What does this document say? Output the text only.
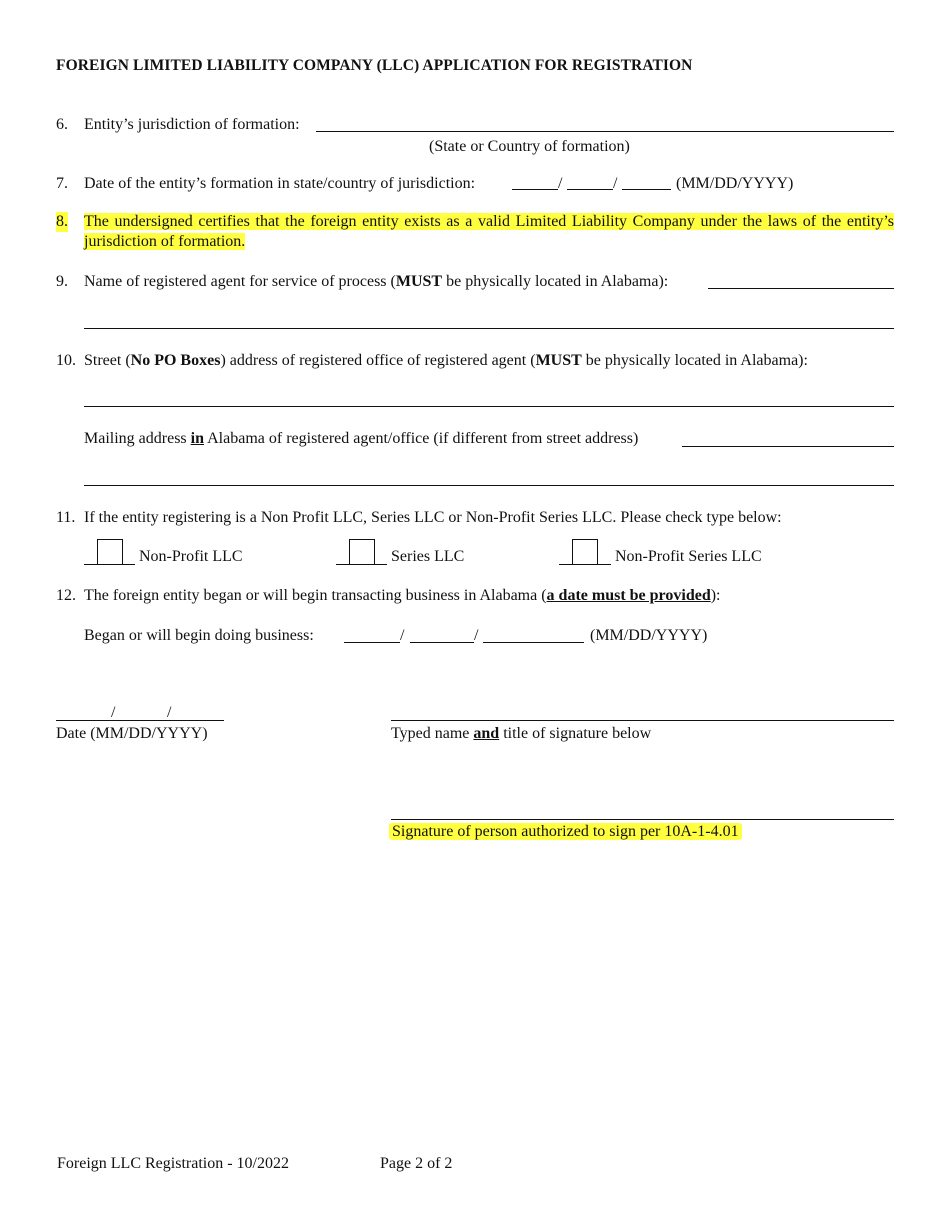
FOREIGN LIMITED LIABILITY COMPANY (LLC) APPLICATION FOR REGISTRATION
6. Entity’s jurisdiction of formation:
(State or Country of formation)
7. Date of the entity’s formation in state/country of jurisdiction:	/	/	(MM/DD/YYYY)
8. The undersigned certifies that the foreign entity exists as a valid Limited Liability Company under the laws of the entity’s jurisdiction of formation.
9. Name of registered agent for service of process (MUST be physically located in Alabama):
10. Street (No PO Boxes) address of registered office of registered agent (MUST be physically located in Alabama):
Mailing address in Alabama of registered agent/office (if different from street address)
11. If the entity registering is a Non Profit LLC, Series LLC or Non-Profit Series LLC. Please check type below:
Non-Profit LLC	Series LLC	Non-Profit Series LLC
12. The foreign entity began or will begin transacting business in Alabama (a date must be provided):
Began or will begin doing business:	/	/	(MM/DD/YYYY)
/	/
Date (MM/DD/YYYY)	Typed name and title of signature below
Signature of person authorized to sign per 10A-1-4.01
Foreign LLC Registration - 10/2022	Page 2 of 2
